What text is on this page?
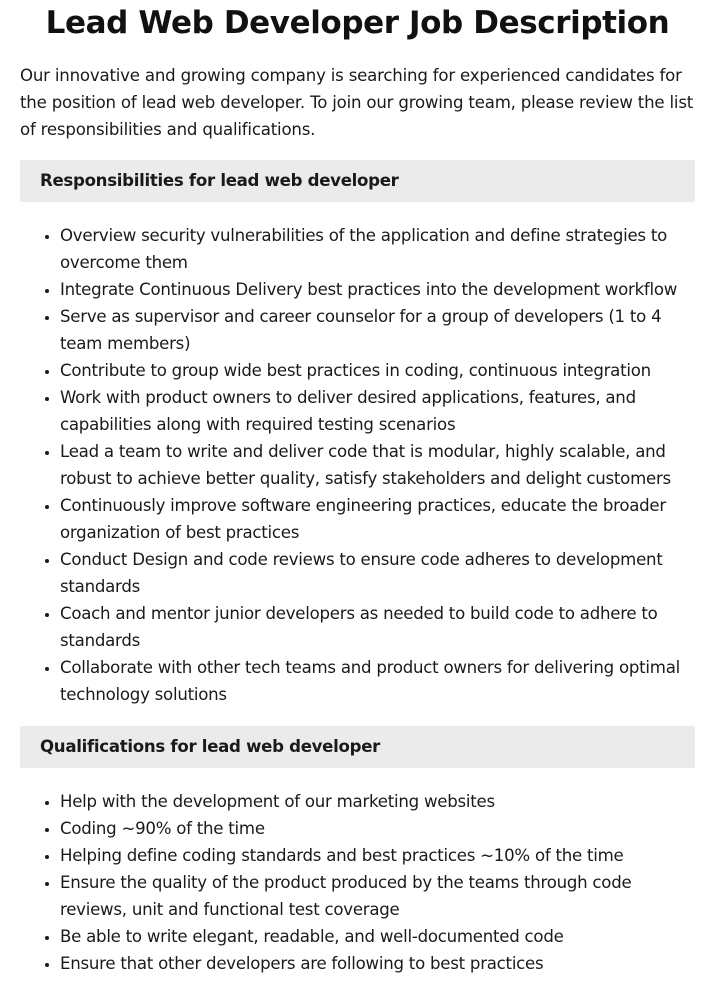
Lead Web Developer Job Description

Our innovative and growing company is searching for experienced candidates for the position of lead web developer. To join our growing team, please review the list of responsibilities and qualifications.

Responsibilities for lead web developer
• Overview security vulnerabilities of the application and define strategies to overcome them
• Integrate Continuous Delivery best practices into the development workflow
• Serve as supervisor and career counselor for a group of developers (1 to 4 team members)
• Contribute to group wide best practices in coding, continuous integration
• Work with product owners to deliver desired applications, features, and capabilities along with required testing scenarios
• Lead a team to write and deliver code that is modular, highly scalable, and robust to achieve better quality, satisfy stakeholders and delight customers
• Continuously improve software engineering practices, educate the broader organization of best practices
• Conduct Design and code reviews to ensure code adheres to development standards
• Coach and mentor junior developers as needed to build code to adhere to standards
• Collaborate with other tech teams and product owners for delivering optimal technology solutions
Qualifications for lead web developer
• Help with the development of our marketing websites
• Coding ~90% of the time
• Helping define coding standards and best practices ~10% of the time
• Ensure the quality of the product produced by the teams through code reviews, unit and functional test coverage
• Be able to write elegant, readable, and well-documented code
• Ensure that other developers are following to best practices
